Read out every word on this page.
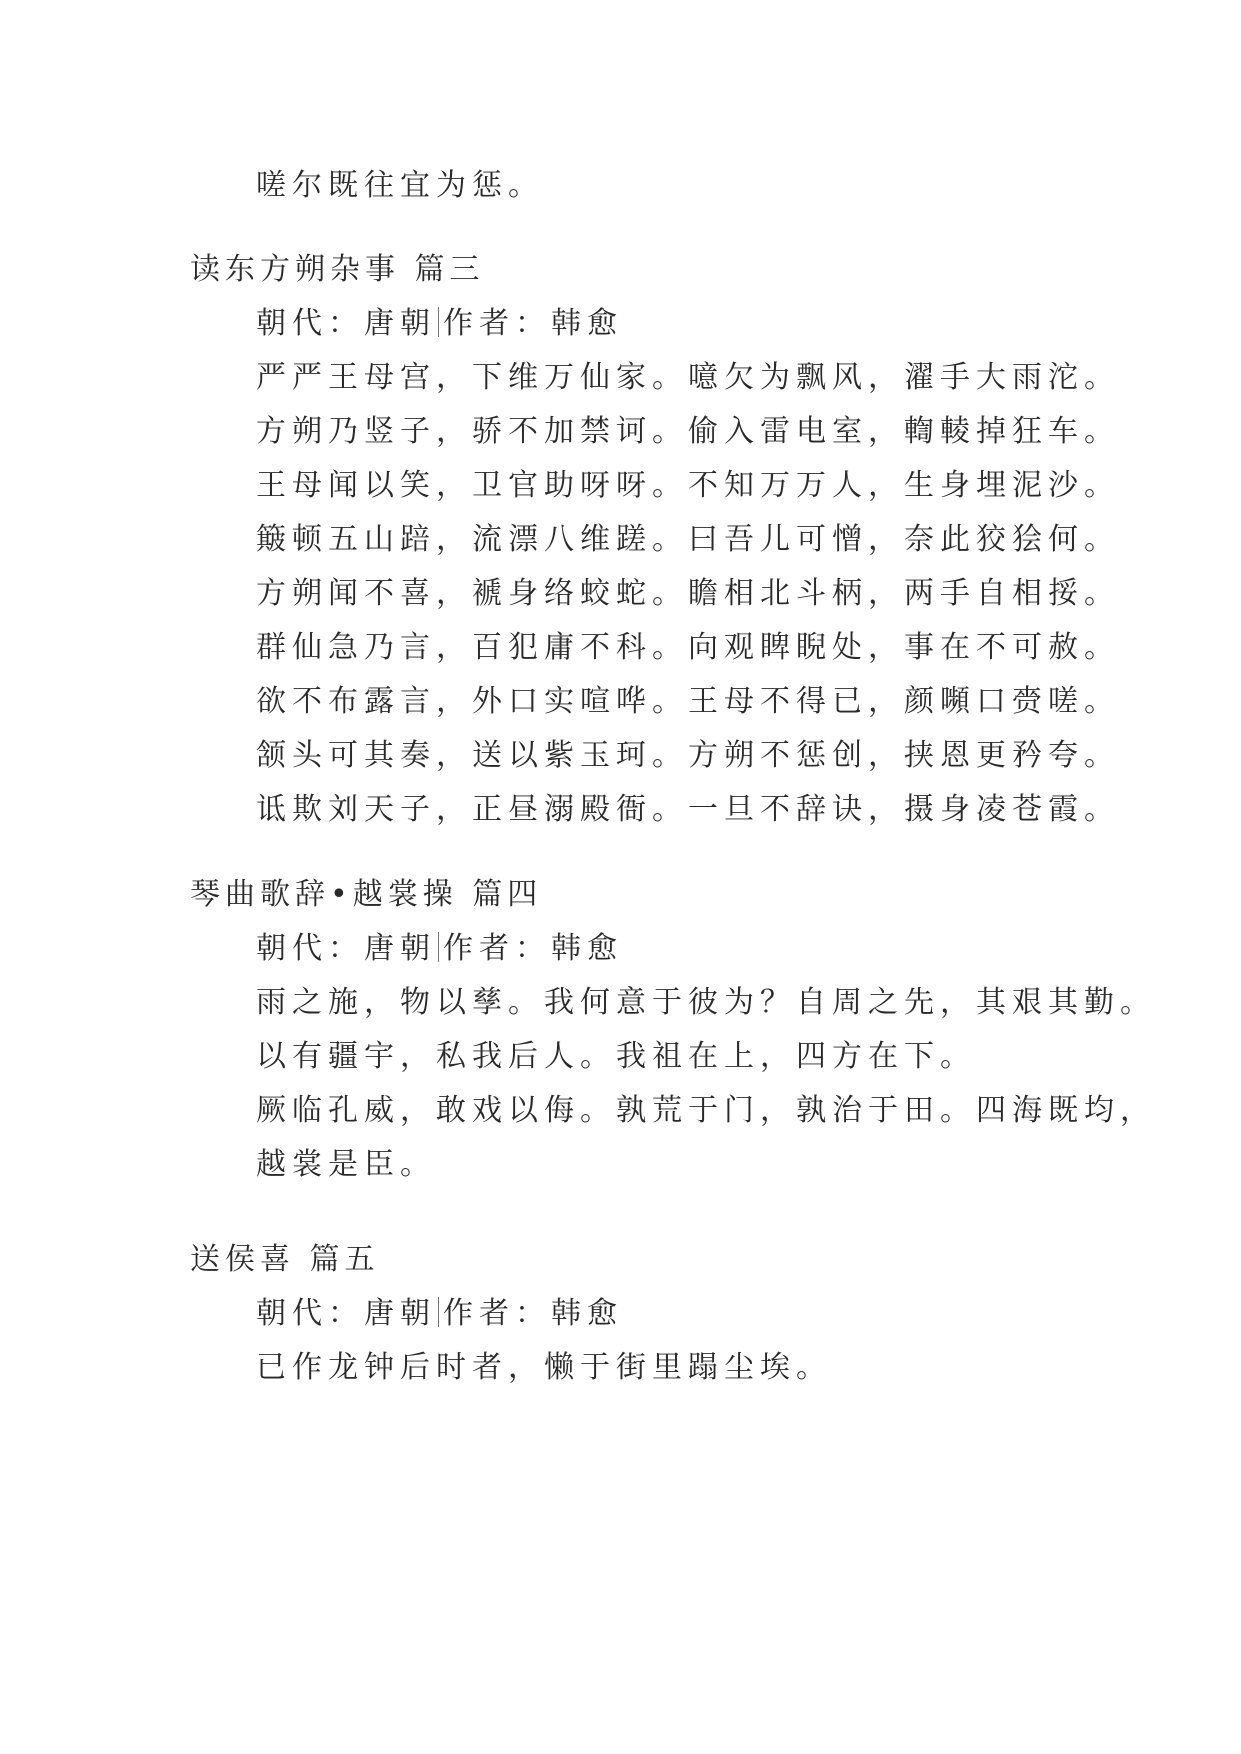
嗟尔既往宜为惩。

读东方朔杂事 篇三

朝代：唐朝 作者：韩愈

严严王母宫，下维万仙家。噫欠为飘风，濯手大雨沱。

方朔乃竖子，骄不加禁诃。偷入雷电室，輷輘掉狂车。

王母闻以笑，卫官助呀呀。不知万万人，生身埋泥沙。

簸顿五山踣，流漂八维蹉。曰吾儿可憎，奈此狡狯何。

方朔闻不喜，褫身络蛟蛇。瞻相北斗柄，两手自相挼。

群仙急乃言，百犯庸不科。向观睥睨处，事在不可赦。

欲不布露言，外口实喧哗。王母不得已，颜嚬口赍嗟。

颔头可其奏，送以紫玉珂。方朔不惩创，挟恩更矜夸。

诋欺刘天子，正昼溺殿衙。一旦不辞诀，摄身凌苍霞。

琴曲歌辞•越裳操 篇四

朝代：唐朝 作者：韩愈

雨之施，物以孳。我何意于彼为？自周之先，其艰其勤。

以有疆宇，私我后人。我祖在上，四方在下。

厥临孔威，敢戏以侮。孰荒于门，孰治于田。四海既均，

越裳是臣。

送侯喜 篇五

朝代：唐朝 作者：韩愈

已作龙钟后时者，懒于街里蹋尘埃。
